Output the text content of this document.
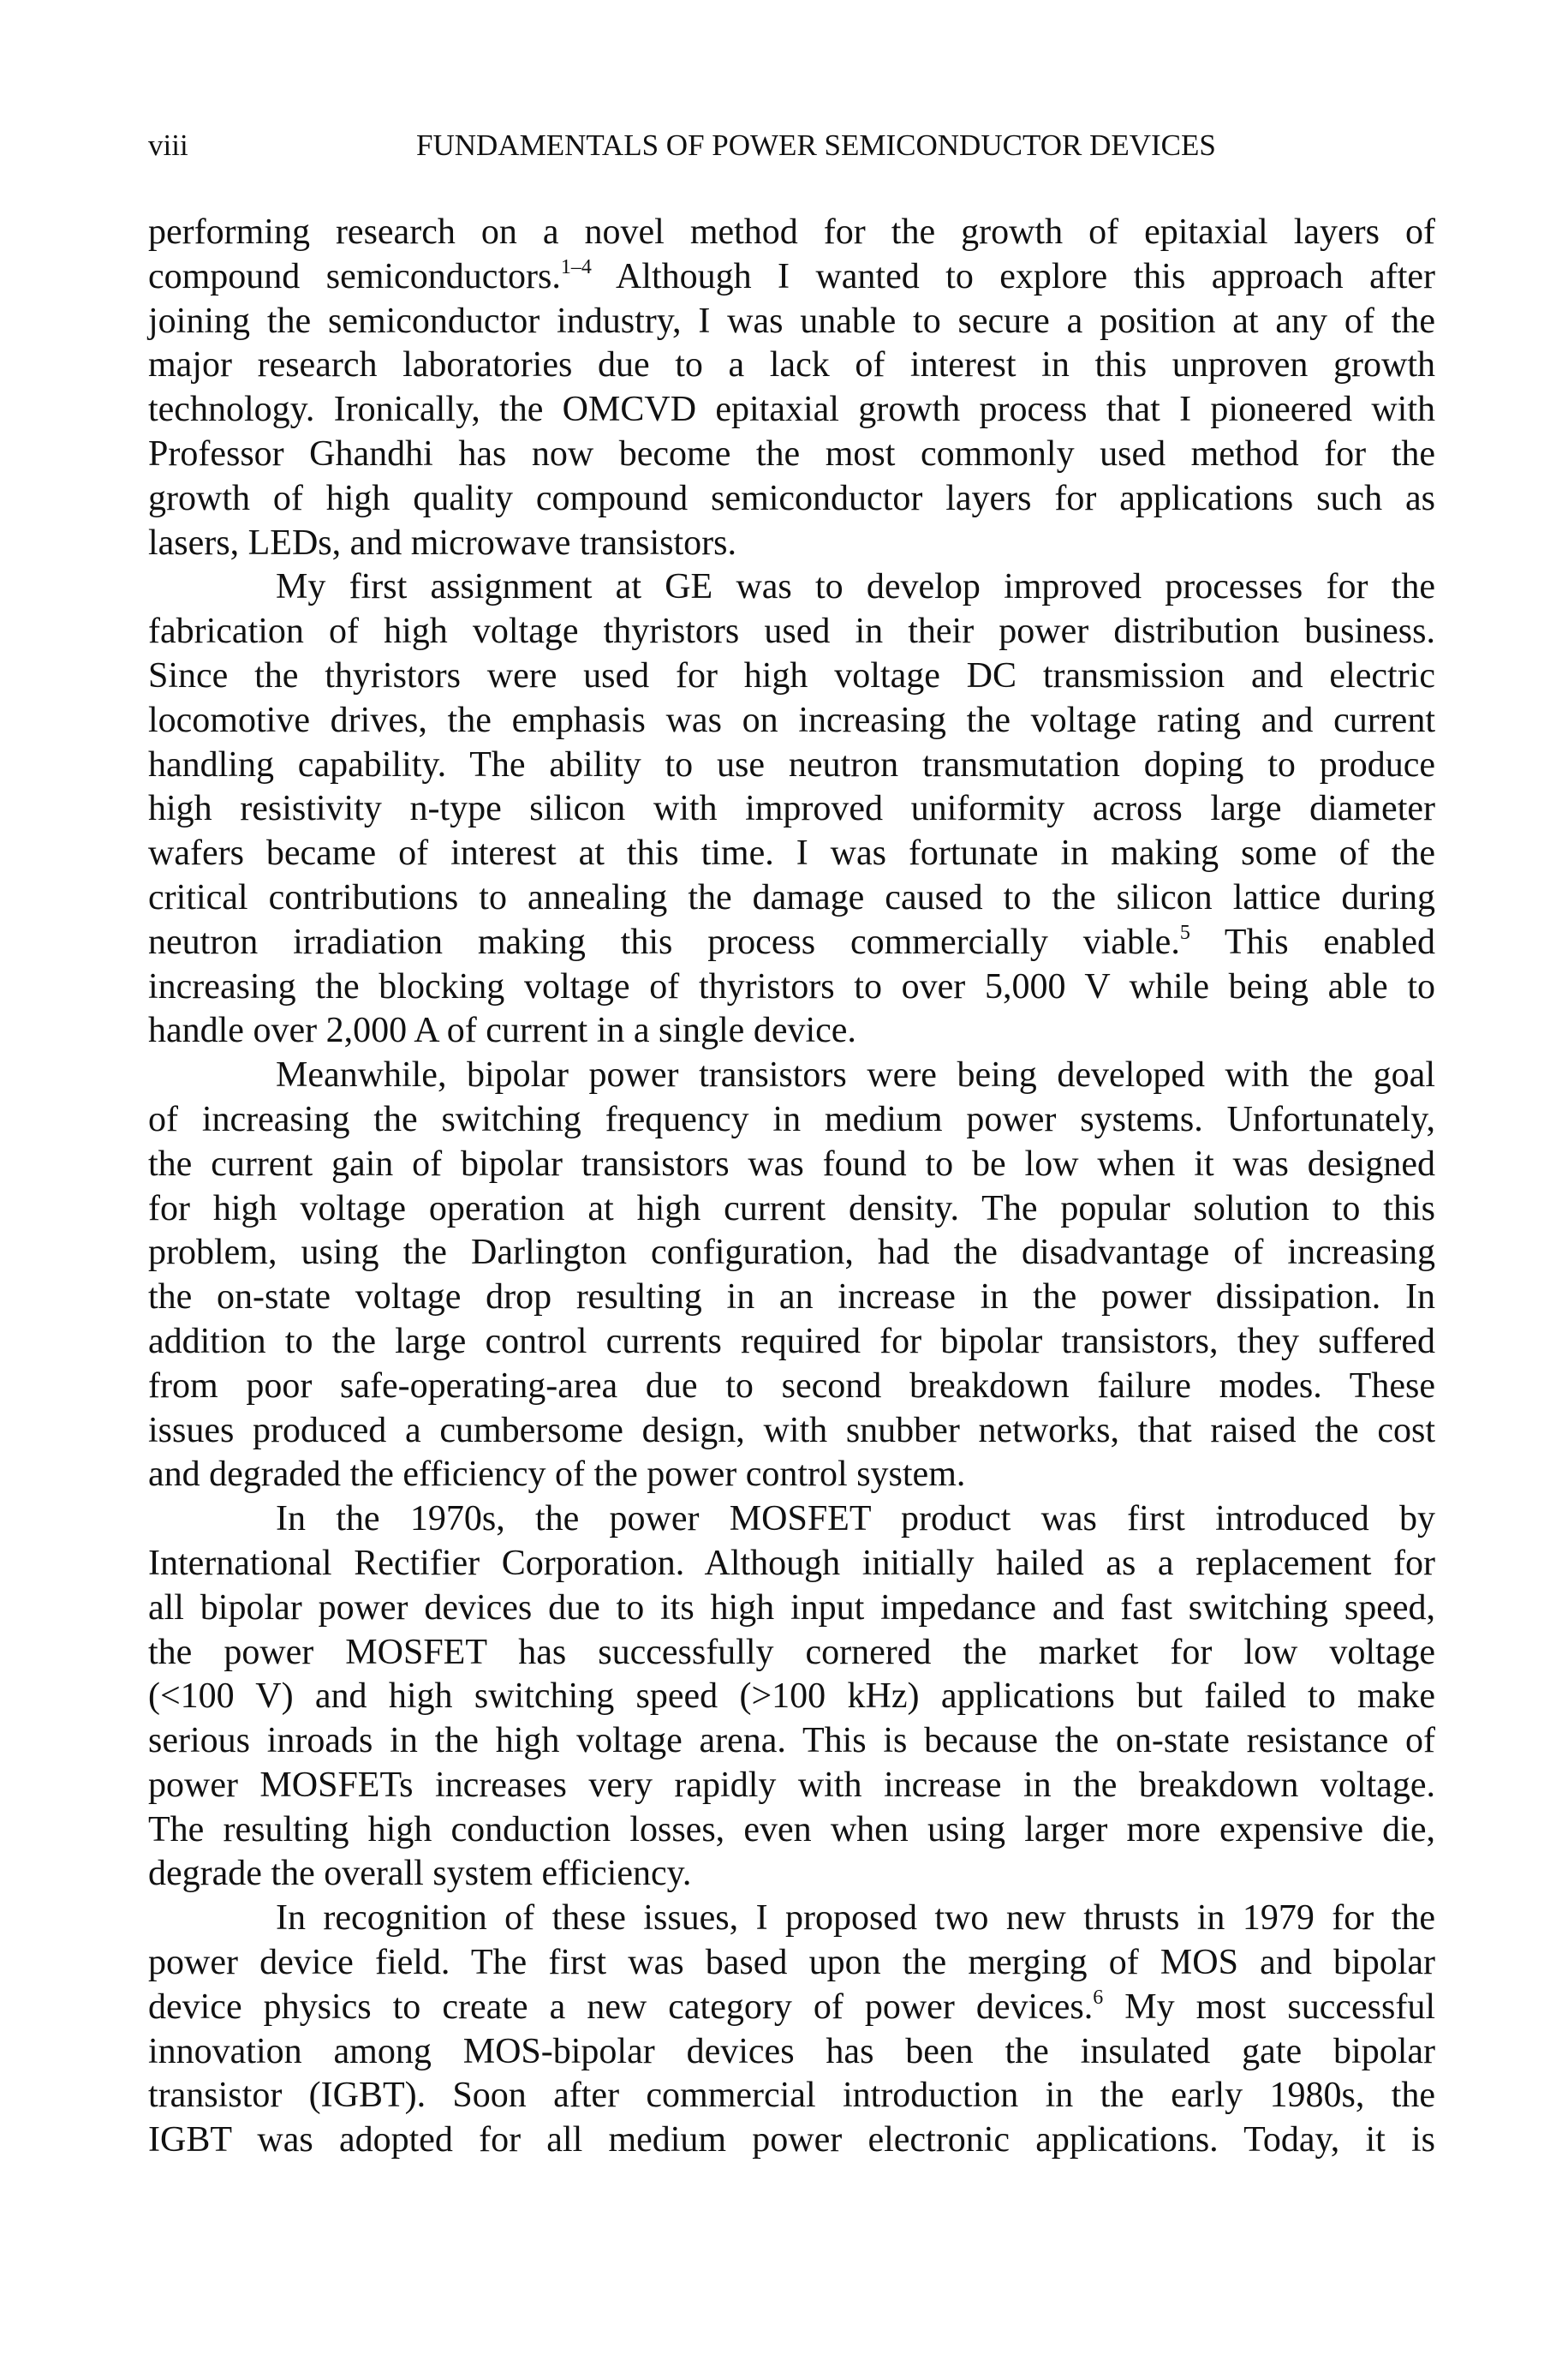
viii	FUNDAMENTALS OF POWER SEMICONDUCTOR DEVICES
performing research on a novel method for the growth of epitaxial layers of
compound semiconductors.$^{1-4}$ Although I wanted to explore this approach after
joining the semiconductor industry, I was unable to secure a position at any of the
major research laboratories due to a lack of interest in this unproven growth
technology. Ironically, the OMCVD epitaxial growth process that I pioneered with
Professor Ghandhi has now become the most commonly used method for the
growth of high quality compound semiconductor layers for applications such as
lasers, LEDs, and microwave transistors.
My first assignment at GE was to develop improved processes for the
fabrication of high voltage thyristors used in their power distribution business.
Since the thyristors were used for high voltage DC transmission and electric
locomotive drives, the emphasis was on increasing the voltage rating and current
handling capability. The ability to use neutron transmutation doping to produce
high resistivity n-type silicon with improved uniformity across large diameter
wafers became of interest at this time. I was fortunate in making some of the
critical contributions to annealing the damage caused to the silicon lattice during
neutron irradiation making this process commercially viable.$^5$ This enabled
increasing the blocking voltage of thyristors to over 5,000 V while being able to
handle over 2,000 A of current in a single device.
Meanwhile, bipolar power transistors were being developed with the goal
of increasing the switching frequency in medium power systems. Unfortunately,
the current gain of bipolar transistors was found to be low when it was designed
for high voltage operation at high current density. The popular solution to this
problem, using the Darlington configuration, had the disadvantage of increasing
the on-state voltage drop resulting in an increase in the power dissipation. In
addition to the large control currents required for bipolar transistors, they suffered
from poor safe-operating-area due to second breakdown failure modes. These
issues produced a cumbersome design, with snubber networks, that raised the cost
and degraded the efficiency of the power control system.
In the 1970s, the power MOSFET product was first introduced by
International Rectifier Corporation. Although initially hailed as a replacement for
all bipolar power devices due to its high input impedance and fast switching speed,
the power MOSFET has successfully cornered the market for low voltage
(<100 V) and high switching speed (>100 kHz) applications but failed to make
serious inroads in the high voltage arena. This is because the on-state resistance of
power MOSFETs increases very rapidly with increase in the breakdown voltage.
The resulting high conduction losses, even when using larger more expensive die,
degrade the overall system efficiency.
In recognition of these issues, I proposed two new thrusts in 1979 for the
power device field. The first was based upon the merging of MOS and bipolar
device physics to create a new category of power devices.$^6$ My most successful
innovation among MOS-bipolar devices has been the insulated gate bipolar
transistor (IGBT). Soon after commercial introduction in the early 1980s, the
IGBT was adopted for all medium power electronic applications. Today, it is
